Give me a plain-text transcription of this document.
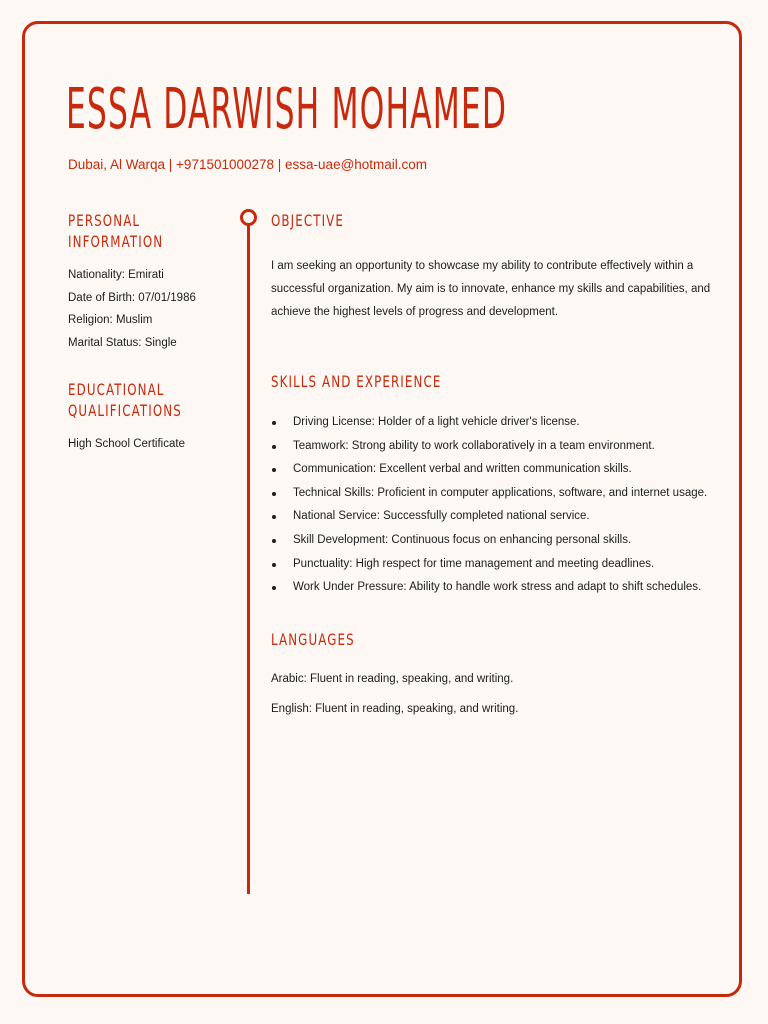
ESSA DARWISH MOHAMED
Dubai, Al Warqa | +971501000278 | essa-uae@hotmail.com
PERSONAL
INFORMATION
Nationality: Emirati
Date of Birth: 07/01/1986
Religion: Muslim
Marital Status: Single
EDUCATIONAL
QUALIFICATIONS
High School Certificate
OBJECTIVE

I am seeking an opportunity to showcase my ability to contribute effectively within a successful organization. My aim is to innovate, enhance my skills and capabilities, and achieve the highest levels of progress and development.

SKILLS AND EXPERIENCE
Driving License: Holder of a light vehicle driver's license.
Teamwork: Strong ability to work collaboratively in a team environment.
Communication: Excellent verbal and written communication skills.
Technical Skills: Proficient in computer applications, software, and internet usage.
National Service: Successfully completed national service.
Skill Development: Continuous focus on enhancing personal skills.
Punctuality: High respect for time management and meeting deadlines.
Work Under Pressure: Ability to handle work stress and adapt to shift schedules.
LANGUAGES
Arabic: Fluent in reading, speaking, and writing.
English: Fluent in reading, speaking, and writing.
